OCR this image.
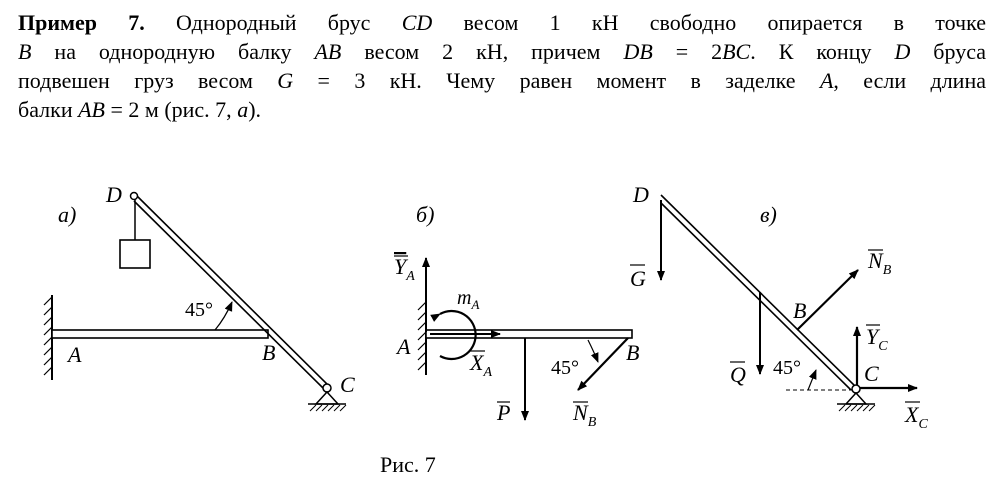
Пример 7. Однородный брус CD весом 1 кН свободно опирается в точке
B на однородную балку AB весом 2 кН, причем DB = 2BC. К концу D бруса
подвешен груз весом G = 3 кН. Чему равен момент в заделке A, если длина
балки AB = 2 м (рис. 7, а).
а)
45°
D
A	B
C
б)
$Y_A$
$X_A$
$m_A$
P	$N_B$
45°
A	B
в)
G
Q
$N_B$
B
$Y_C$
$X_C$
45°
D
C
Рис. 7
